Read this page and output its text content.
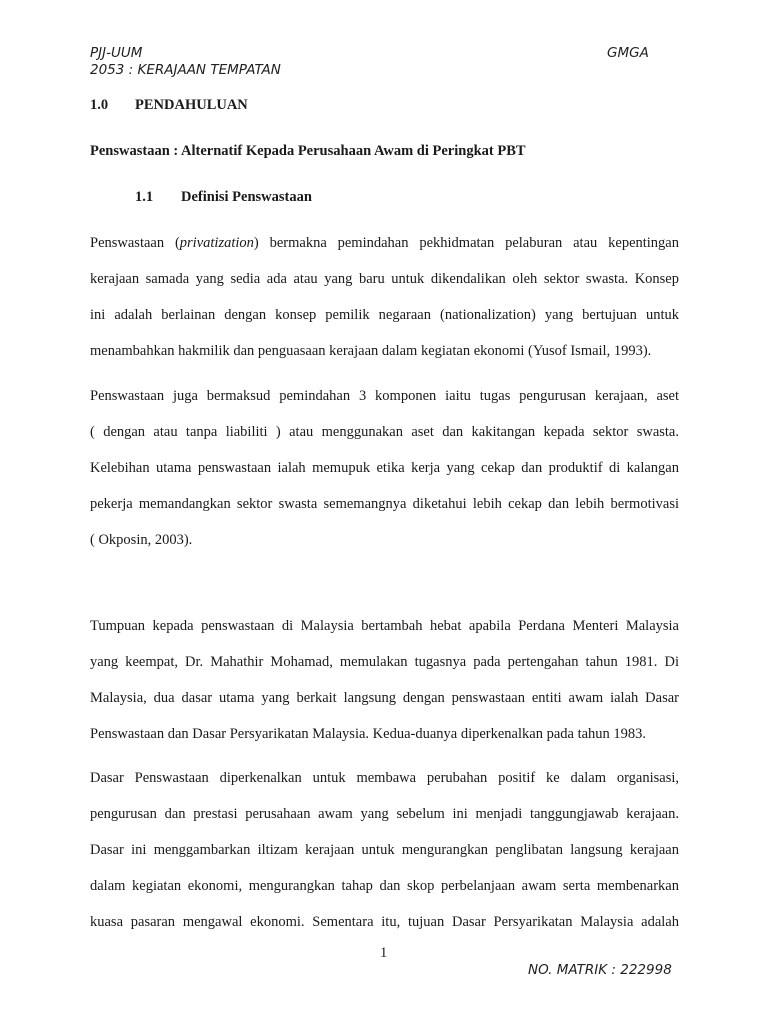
PJJ-UUM
2053 : KERAJAAN TEMPATAN
GMGA
1.0 PENDAHULUAN
Penswastaan : Alternatif Kepada Perusahaan Awam di Peringkat PBT
1.1 Definisi Penswastaan
Penswastaan (privatization) bermakna pemindahan pekhidmatan pelaburan atau kepentingan
kerajaan samada yang sedia ada atau yang baru untuk dikendalikan oleh sektor swasta. Konsep
ini adalah berlainan dengan konsep pemilik negaraan (nationalization) yang bertujuan untuk
menambahkan hakmilik dan penguasaan kerajaan dalam kegiatan ekonomi (Yusof Ismail, 1993).
Penswastaan juga bermaksud pemindahan 3 komponen iaitu tugas pengurusan kerajaan, aset
( dengan atau tanpa liabiliti ) atau menggunakan aset dan kakitangan kepada sektor swasta.
Kelebihan utama penswastaan ialah memupuk etika kerja yang cekap dan produktif di kalangan
pekerja memandangkan sektor swasta sememangnya diketahui lebih cekap dan lebih bermotivasi
( Okposin, 2003).
Tumpuan kepada penswastaan di Malaysia bertambah hebat apabila Perdana Menteri Malaysia
yang keempat, Dr. Mahathir Mohamad, memulakan tugasnya pada pertengahan tahun 1981. Di
Malaysia, dua dasar utama yang berkait langsung dengan penswastaan entiti awam ialah Dasar
Penswastaan dan Dasar Persyarikatan Malaysia. Kedua-duanya diperkenalkan pada tahun 1983.
Dasar Penswastaan diperkenalkan untuk membawa perubahan positif ke dalam organisasi,
pengurusan dan prestasi perusahaan awam yang sebelum ini menjadi tanggungjawab kerajaan.
Dasar ini menggambarkan iltizam kerajaan untuk mengurangkan penglibatan langsung kerajaan
dalam kegiatan ekonomi, mengurangkan tahap dan skop perbelanjaan awam serta membenarkan
kuasa pasaran mengawal ekonomi. Sementara itu, tujuan Dasar Persyarikatan Malaysia adalah
1
NO. MATRIK : 222998
